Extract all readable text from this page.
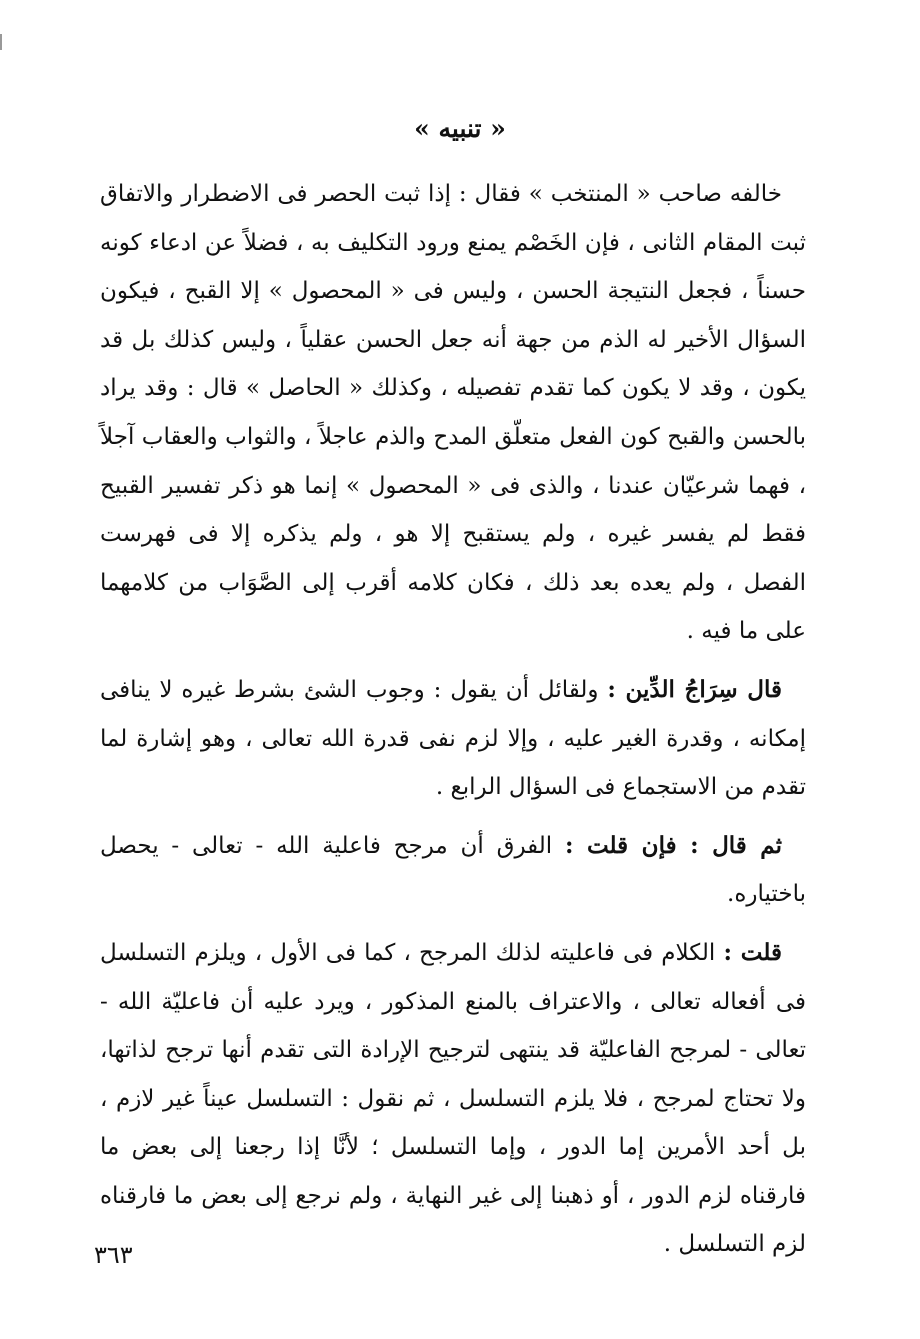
« تنبيه »

خالفه صاحب « المنتخب » فقال : إذا ثبت الحصر فى الاضطرار والاتفاق ثبت المقام الثانى ، فإن الخَصْم يمنع ورود التكليف به ، فضلاً عن ادعاء كونه حسناً ، فجعل النتيجة الحسن ، وليس فى « المحصول » إلا القبح ، فيكون السؤال الأخير له الذم من جهة أنه جعل الحسن عقلياً ، وليس كذلك بل قد يكون ، وقد لا يكون كما تقدم تفصيله ، وكذلك « الحاصل » قال : وقد يراد بالحسن والقبح كون الفعل متعلّق المدح والذم عاجلاً ، والثواب والعقاب آجلاً ، فهما شرعيّان عندنا ، والذى فى « المحصول » إنما هو ذكر تفسير القبيح فقط لم يفسر غيره ، ولم يستقبح إلا هو ، ولم يذكره إلا فى فهرست الفصل ، ولم يعده بعد ذلك ، فكان كلامه أقرب إلى الصَّوَاب من كلامهما على ما فيه .

قال سِرَاجُ الدِّين : ولقائل أن يقول : وجوب الشئ بشرط غيره لا ينافى إمكانه ، وقدرة الغير عليه ، وإلا لزم نفى قدرة الله تعالى ، وهو إشارة لما تقدم من الاستجماع فى السؤال الرابع .

ثم قال : فإن قلت : الفرق أن مرجح فاعلية الله - تعالى - يحصل باختياره.

قلت : الكلام فى فاعليته لذلك المرجح ، كما فى الأول ، ويلزم التسلسل فى أفعاله تعالى ، والاعتراف بالمنع المذكور ، ويرد عليه أن فاعليّة الله - تعالى - لمرجح الفاعليّة قد ينتهى لترجيح الإرادة التى تقدم أنها ترجح لذاتها، ولا تحتاج لمرجح ، فلا يلزم التسلسل ، ثم نقول : التسلسل عيناً غير لازم ، بل أحد الأمرين إما الدور ، وإما التسلسل ؛ لأنَّا إذا رجعنا إلى بعض ما فارقناه لزم الدور ، أو ذهبنا إلى غير النهاية ، ولم نرجع إلى بعض ما فارقناه لزم التسلسل .

٣٦٣
